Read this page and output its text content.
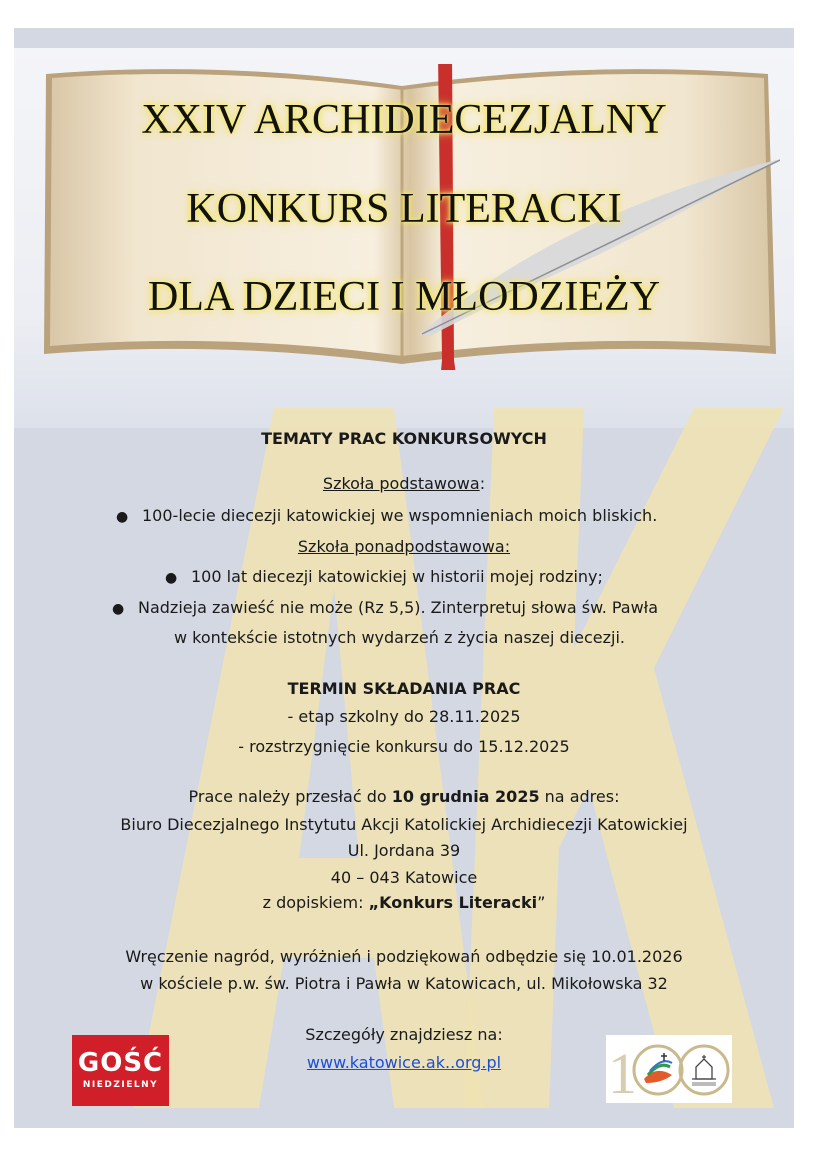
XXIV ARCHIDIECEZJALNY
KONKURS LITERACKI
DLA DZIECI I MŁODZIEŻY
TEMATY PRAC KONKURSOWYCH
Szkoła podstawowa:
● 100-lecie diecezji katowickiej we wspomnieniach moich bliskich.
Szkoła ponadpodstawowa:
● 100 lat diecezji katowickiej w historii mojej rodziny;
● Nadzieja zawieść nie może (Rz 5,5). Zinterpretuj słowa św. Pawła
w kontekście istotnych wydarzeń z życia naszej diecezji.
TERMIN SKŁADANIA PRAC
- etap szkolny do 28.11.2025
- rozstrzygnięcie konkursu do 15.12.2025
Prace należy przesłać do 10 grudnia 2025 na adres:
Biuro Diecezjalnego Instytutu Akcji Katolickiej Archidiecezji Katowickiej
Ul. Jordana 39
40 – 043 Katowice
z dopiskiem: „Konkurs Literacki”
Wręczenie nagród, wyróżnień i podziękowań odbędzie się 10.01.2026
w kościele p.w. św. Piotra i Pawła w Katowicach, ul. Mikołowska 32
Szczegóły znajdziesz na:
www.katowice.ak..org.pl
GOŚĆ
NIEDZIELNY	1
